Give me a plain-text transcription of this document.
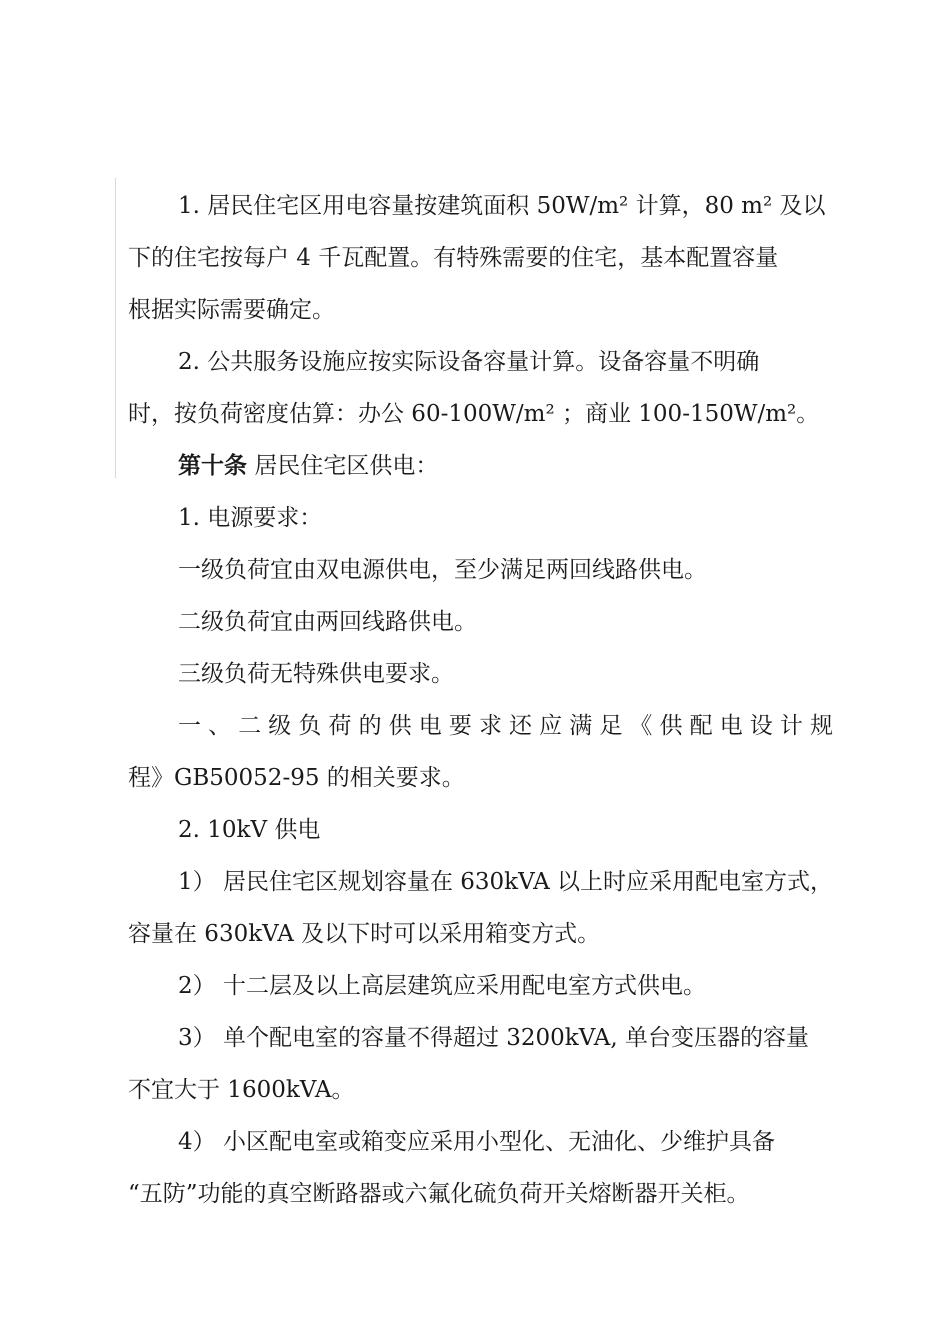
1. 居民住宅区用电容量按建筑面积 50W/m² 计算，80 m² 及以
下的住宅按每户 4 千瓦配置。有特殊需要的住宅，基本配置容量
根据实际需要确定。
2. 公共服务设施应按实际设备容量计算。设备容量不明确
时，按负荷密度估算：办公 60-100W/m² ；商业 100-150W/m²。
第十条 居民住宅区供电：
1. 电源要求：
一级负荷宜由双电源供电，至少满足两回线路供电。
二级负荷宜由两回线路供电。
三级负荷无特殊供电要求。
一 、 二 级 负 荷 的 供 电 要 求 还 应 满 足 《 供 配 电 设 计 规
程》GB50052-95 的相关要求。
2. 10kV 供电
1） 居民住宅区规划容量在 630kVA 以上时应采用配电室方式，
容量在 630kVA 及以下时可以采用箱变方式。
2） 十二层及以上高层建筑应采用配电室方式供电。
3） 单个配电室的容量不得超过 3200kVA, 单台变压器的容量
不宜大于 1600kVA。
4） 小区配电室或箱变应采用小型化、无油化、少维护具备
“五防”功能的真空断路器或六氟化硫负荷开关熔断器开关柜。
